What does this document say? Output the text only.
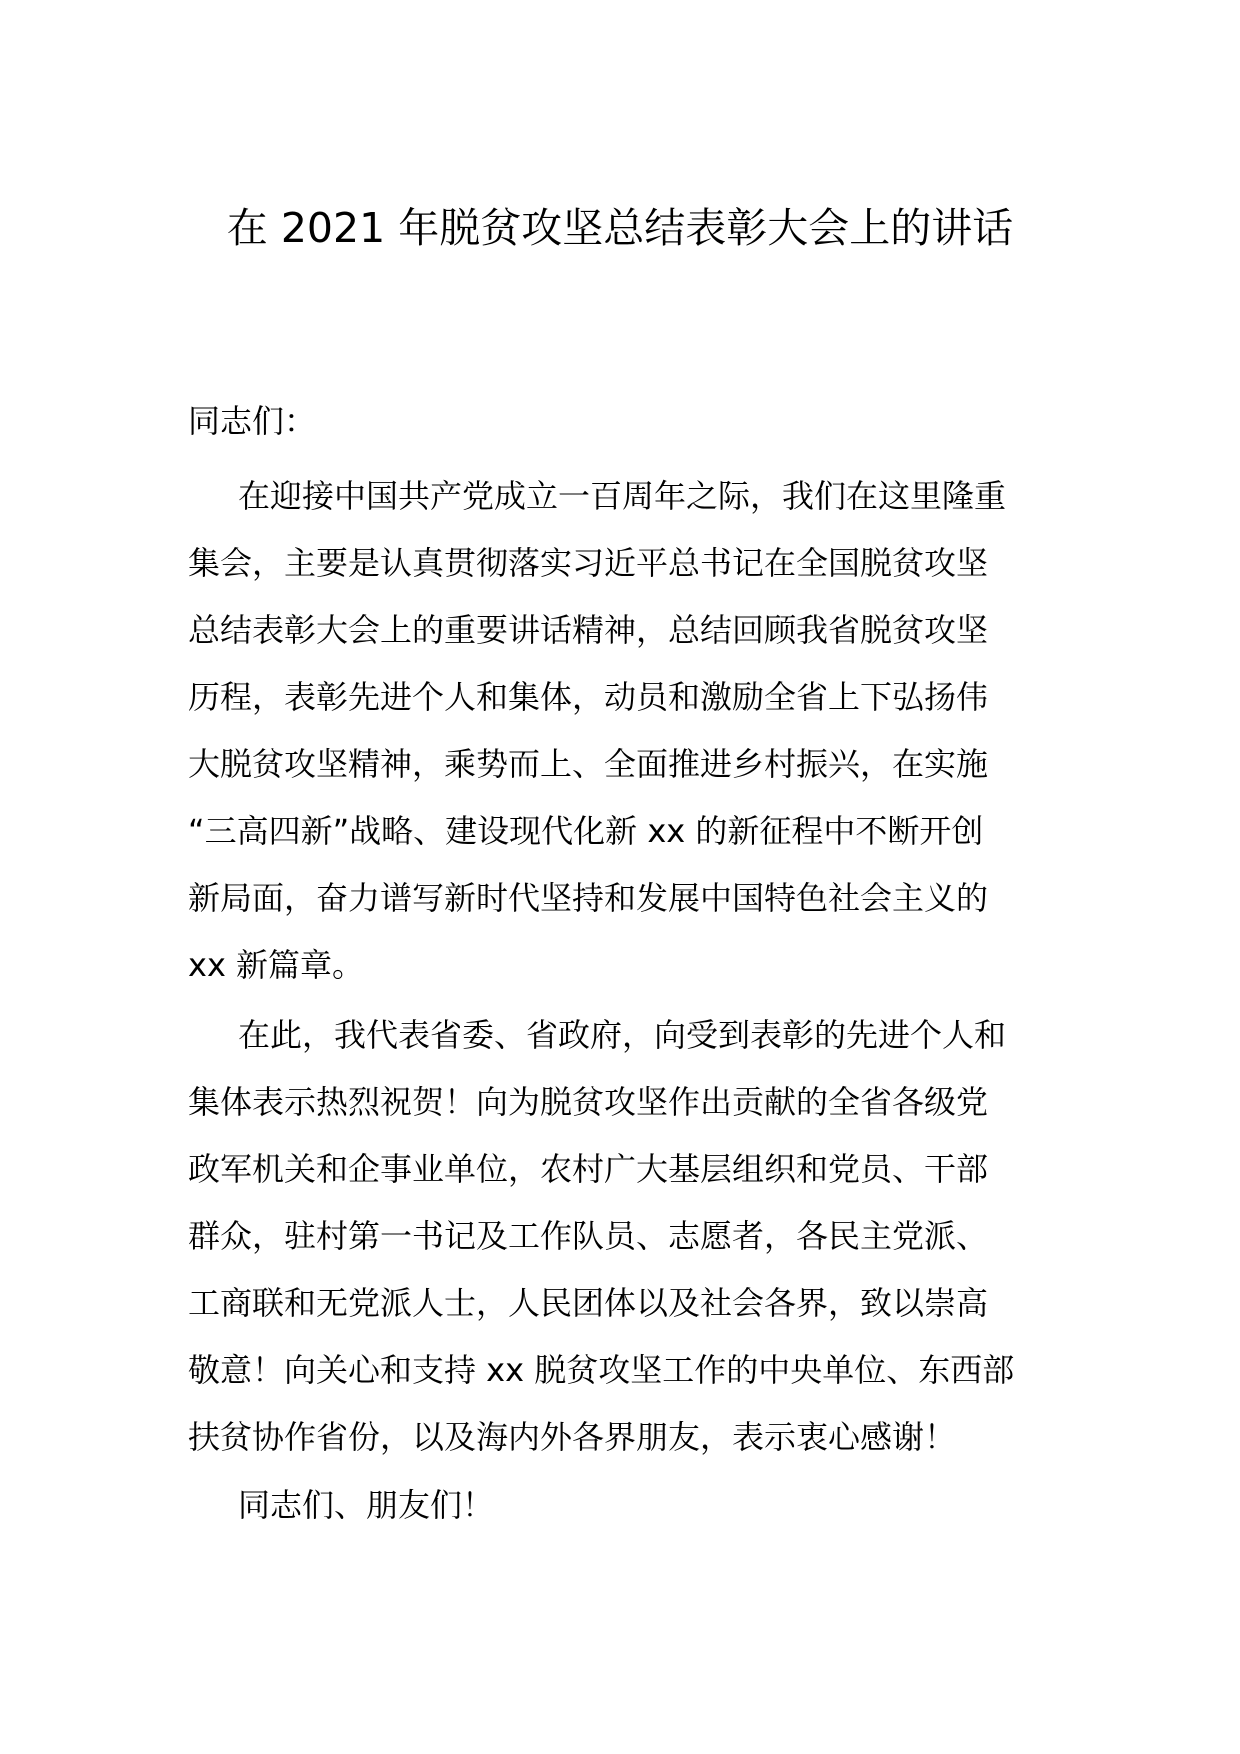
在 2021 年脱贫攻坚总结表彰大会上的讲话
同志们：
在迎接中国共产党成立一百周年之际，我们在这里隆重
集会，主要是认真贯彻落实习近平总书记在全国脱贫攻坚
总结表彰大会上的重要讲话精神，总结回顾我省脱贫攻坚
历程，表彰先进个人和集体，动员和激励全省上下弘扬伟
大脱贫攻坚精神，乘势而上、全面推进乡村振兴，在实施
“三高四新”战略、建设现代化新 xx 的新征程中不断开创
新局面，奋力谱写新时代坚持和发展中国特色社会主义的
xx 新篇章。
在此，我代表省委、省政府，向受到表彰的先进个人和
集体表示热烈祝贺！向为脱贫攻坚作出贡献的全省各级党
政军机关和企事业单位，农村广大基层组织和党员、干部
群众，驻村第一书记及工作队员、志愿者，各民主党派、
工商联和无党派人士，人民团体以及社会各界，致以崇高
敬意！向关心和支持 xx 脱贫攻坚工作的中央单位、东西部
扶贫协作省份，以及海内外各界朋友，表示衷心感谢！
同志们、朋友们！
